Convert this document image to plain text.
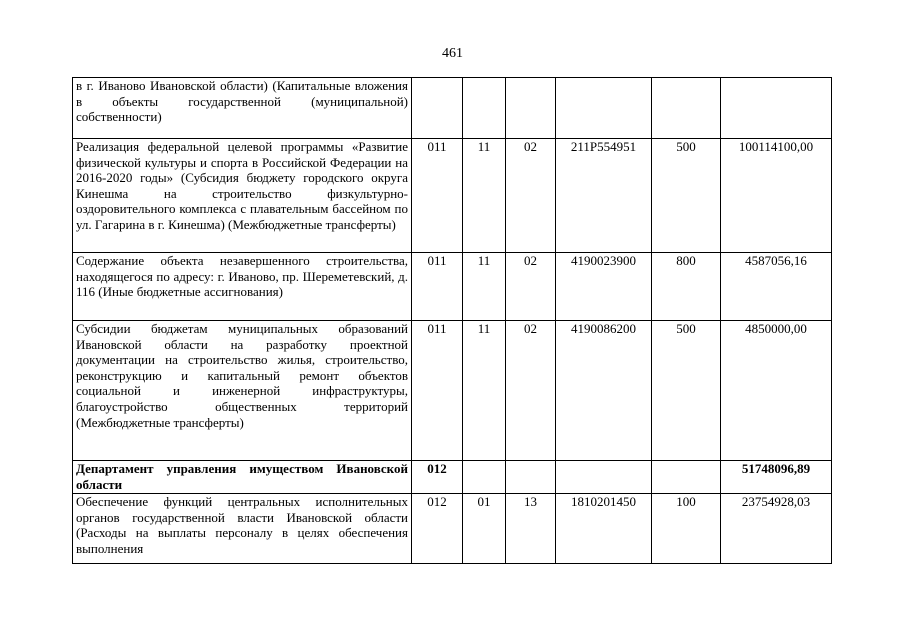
461
в г. Иваново Ивановской области) (Капитальные вложения в объекты государственной (муниципальной) собственности)						
Реализация федеральной целевой программы «Развитие физической культуры и спорта в Российской Федерации на 2016-2020 годы» (Субсидия бюджету городского округа Кинешма на строительство физкультурно-оздоровительного комплекса с плавательным бассейном по ул. Гагарина в г. Кинешма) (Межбюджетные трансферты)	011	11	02	211P554951	500	100114100,00
Содержание объекта незавершенного строительства, находящегося по адресу: г. Иваново, пр. Шереметевский, д. 116 (Иные бюджетные ассигнования)	011	11	02	4190023900	800	4587056,16
Субсидии бюджетам муниципальных образований Ивановской области на разработку проектной документации на строительство жилья, строительство, реконструкцию и капитальный ремонт объектов социальной и инженерной инфраструктуры, благоустройство общественных территорий (Межбюджетные трансферты)	011	11	02	4190086200	500	4850000,00
Департамент управления имуществом Ивановской области	012					51748096,89
Обеспечение функций центральных исполнительных органов государственной власти Ивановской области (Расходы на выплаты персоналу в целях обеспечения выполнения	012	01	13	1810201450	100	23754928,03
